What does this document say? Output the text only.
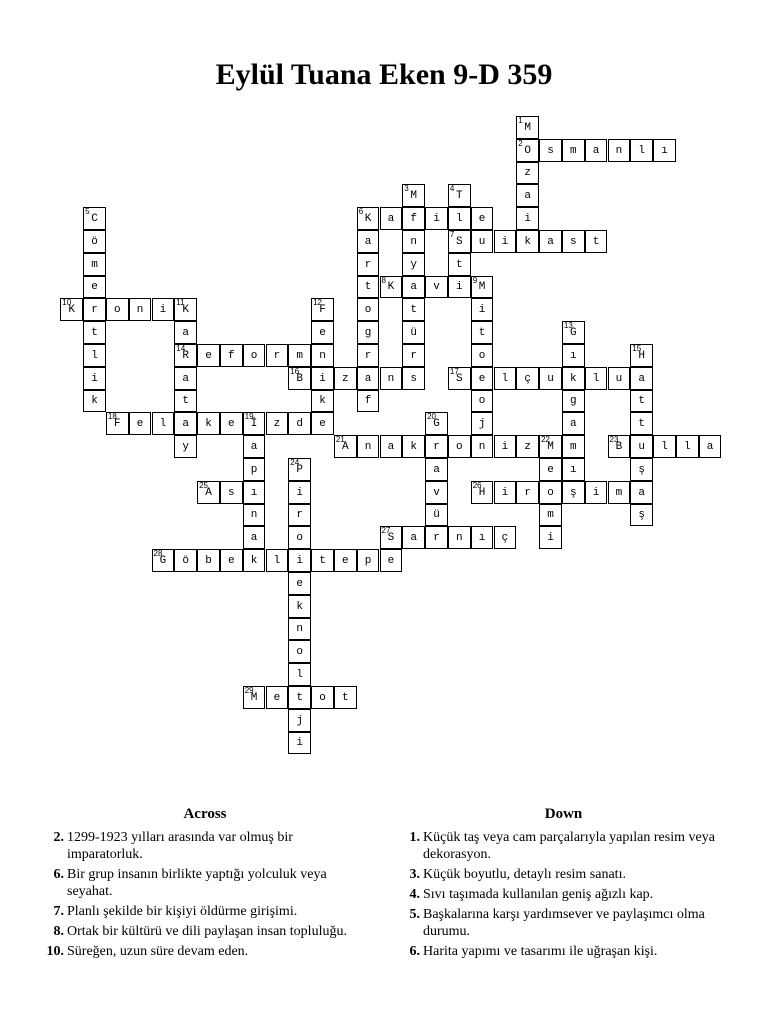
Eylül Tuana Eken 9-D 359
1
M
2
O	s	m	a	n	l	ı
z
3
M
4
T	a
5
C
6
K	a	f	i	l	e	i
ö	a	n
7
S	u	i	k	a	s	t
m	r	y	t
e	t
8
K	a	v	i
9
M
10
K	r	o	n	i
11
K
12
F	o	t	i
t	a	e	g	ü	t
13
G
l
14
R	e	f	o	r	m	n	r	r	o	ı
15
H
i	a
16
B	i	z	a	n	s
17
S	e	l	ç	u	k	l	u	a
k	t	k	f	o	g	t
18
F	e	l	a	k	e
19
İ	z	d	e
20
G	j	a	t
y	a
21
A	n	a	k	r	o	n	i	z
22
M	m
23
B	u	l	l	a
p
24
P	a	e	ı	ş
25
A	s	ı	i	v
26
H	i	r	o	ş	i	m	a
n	r	ü	m	ş
a	o
27
S	a	r	n	ı	ç	i
28
G	ö	b	e	k	l	i	t	e	p	e
e
k
n
o
l
29
M	e	t	o	t
j
i
Across
2. 1299-1923 yılları arasında var olmuş bir imparatorluk.
6. Bir grup insanın birlikte yaptığı yolculuk veya seyahat.
7. Planlı şekilde bir kişiyi öldürme girişimi.
8. Ortak bir kültürü ve dili paylaşan insan topluluğu.
10. Süreğen, uzun süre devam eden.
Down
1. Küçük taş veya cam parçalarıyla yapılan resim veya dekorasyon.
3. Küçük boyutlu, detaylı resim sanatı.
4. Sıvı taşımada kullanılan geniş ağızlı kap.
5. Başkalarına karşı yardımsever ve paylaşımcı olma durumu.
6. Harita yapımı ve tasarımı ile uğraşan kişi.
